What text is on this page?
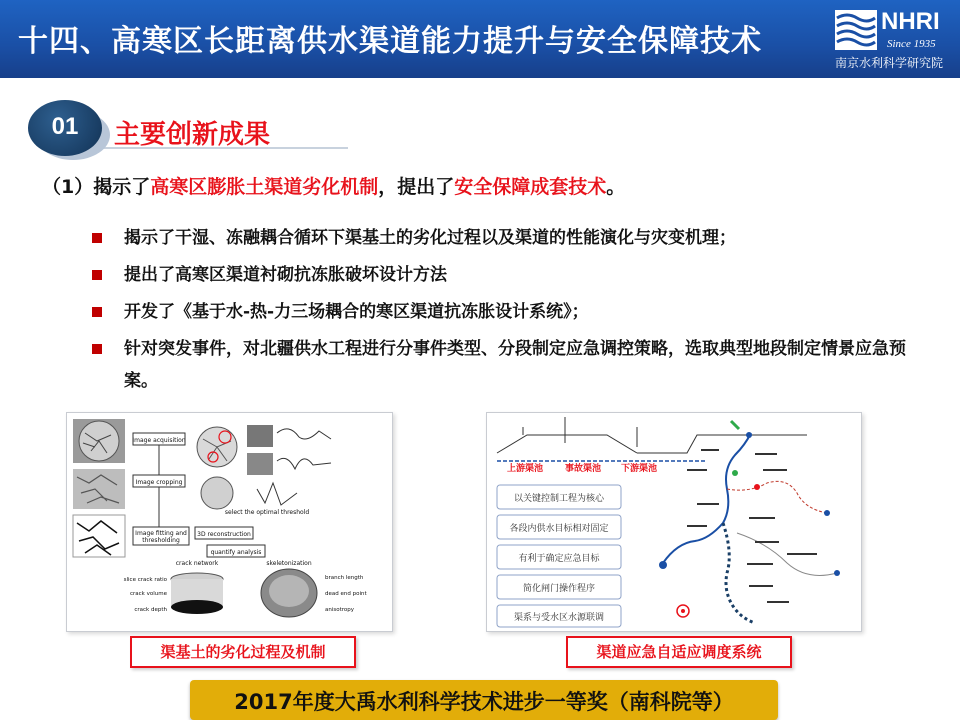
十四、高寒区长距离供水渠道能力提升与安全保障技术
NHRI
Since 1935
南京水利科学研究院
01	主要创新成果
（1）揭示了高寒区膨胀土渠道劣化机制，提出了安全保障成套技术。
揭示了干湿、冻融耦合循环下渠基土的劣化过程以及渠道的性能演化与灾变机理；
提出了高寒区渠道衬砌抗冻胀破坏设计方法
开发了《基于水-热-力三场耦合的寒区渠道抗冻胀设计系统》；
针对突发事件，对北疆供水工程进行分事件类型、分段制定应急调控策略，选取典型地段制定情景应急预案。
Image acquisition
Image cropping
Image fitting and
thresholding
select the optimal threshold
3D reconstruction
quantify analysis
crack network	skeletonization
slice crack ratio
crack volume
crack depth
branch length
dead end point
anisotropy
渠基土的劣化过程及机制
上游渠池 事故渠池 下游渠池
以关键控制工程为核心
各段内供水目标相对固定
有利于确定应急目标
简化闸门操作程序
渠系与受水区水源联调
渠道应急自适应调度系统
2017年度大禹水利科学技术进步一等奖（南科院等）
